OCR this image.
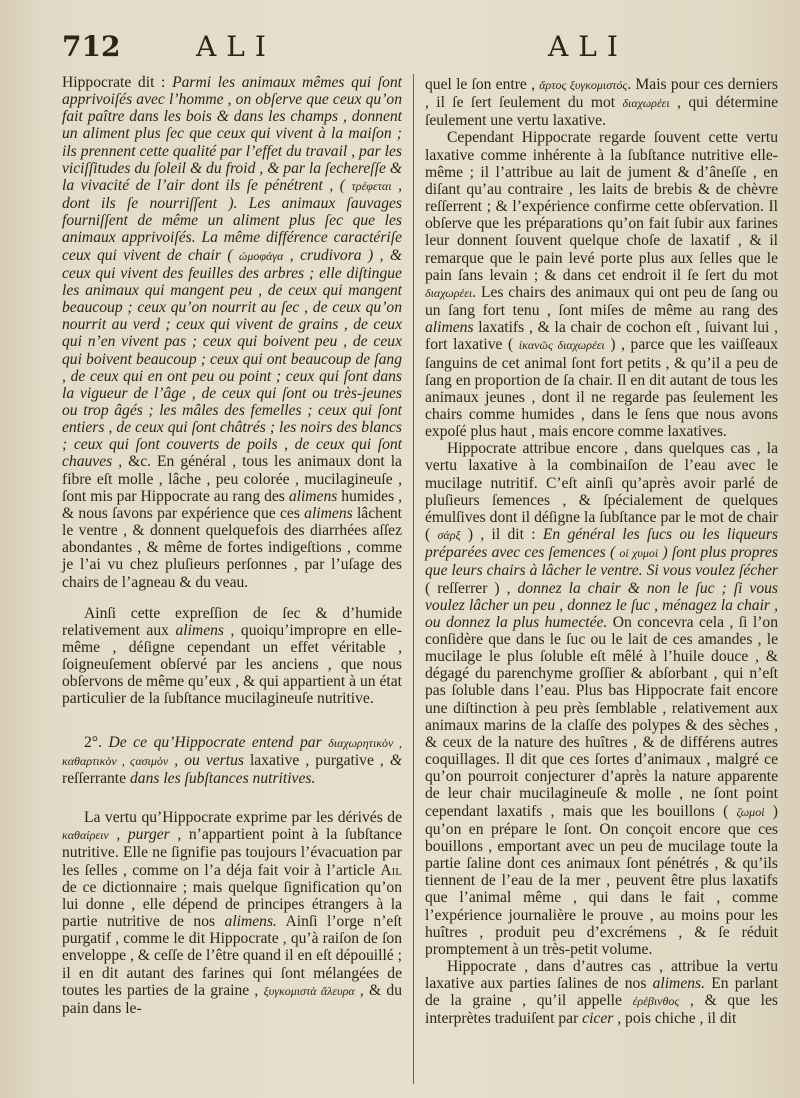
712	ALI	ALI

Hippocrate dit : Parmi les animaux mêmes qui ſont apprivoiſés avec l’homme , on obſerve que ceux qu’on fait paître dans les bois & dans les champs , donnent un aliment plus ſec que ceux qui vivent à la maiſon ; ils prennent cette qualité par l’effet du travail , par les viciſſitudes du ſoleil & du froid , & par la ſechereſſe & la vivacité de l’air dont ils ſe pénétrent , ( τρέφεται , dont ils ſe nourriſſent ). Les animaux ſauvages fourniſſent de même un aliment plus ſec que les animaux apprivoiſés. La même différence caractériſe ceux qui vivent de chair ( ὠμοφάγα , crudivora ) , & ceux qui vivent des feuilles des arbres ; elle diſtingue les animaux qui mangent peu , de ceux qui mangent beaucoup ; ceux qu’on nourrit au ſec , de ceux qu’on nourrit au verd ; ceux qui vivent de grains , de ceux qui n’en vivent pas ; ceux qui boivent peu , de ceux qui boivent beaucoup ; ceux qui ont beaucoup de ſang , de ceux qui en ont peu ou point ; ceux qui ſont dans la vigueur de l’âge , de ceux qui ſont ou très-jeunes ou trop âgés ; les mâles des femelles ; ceux qui ſont entiers , de ceux qui ſont châtrés ; les noirs des blancs ; ceux qui ſont couverts de poils , de ceux qui ſont chauves , &c. En général , tous les animaux dont la fibre eſt molle , lâche , peu colorée , mucilagineuſe , ſont mis par Hippocrate au rang des alimens humides , & nous ſavons par expérience que ces alimens lâchent le ventre , & donnent quelquefois des diarrhées aſſez abondantes , & même de fortes indigeſtions , comme je l’ai vu chez pluſieurs perſonnes , par l’uſage des chairs de l’agneau & du veau.

Ainſi cette expreſſion de ſec & d’humide relativement aux alimens , quoiqu’impropre en elle-même , déſigne cependant un effet véritable , ſoigneuſement obſervé par les anciens , que nous obſervons de même qu’eux , & qui appartient à un état particulier de la ſubſtance mucilagineuſe nutritive.

2°. De ce qu’Hippocrate entend par διαχωρητικὸν , καθαρτικὸν , ϛασιμὸν , ou vertus laxative , purgative , & reſſerrante dans les ſubſtances nutritives.

La vertu qu’Hippocrate exprime par les dérivés de καθαίρειν , purger , n’appartient point à la ſubſtance nutritive. Elle ne ſignifie pas toujours l’évacuation par les ſelles , comme on l’a déja fait voir à l’article Ail de ce dictionnaire ; mais quelque ſignification qu’on lui donne , elle dépend de principes étrangers à la partie nutritive de nos alimens. Ainſi l’orge n’eſt purgatif , comme le dit Hippocrate , qu’à raiſon de ſon enveloppe , & ceſſe de l’être quand il en eſt dépouillé ; il en dit autant des farines qui ſont mélangées de toutes les parties de la graine , ξυγκομιστὰ ἄλευρα , & du pain dans le-

quel le ſon entre , ἄρτος ξυγκομιστός. Mais pour ces derniers , il ſe ſert ſeulement du mot διαχωρέει , qui détermine ſeulement une vertu laxative.

Cependant Hippocrate regarde ſouvent cette vertu laxative comme inhérente à la ſubſtance nutritive elle-même ; il l’attribue au lait de jument & d’âneſſe , en diſant qu’au contraire , les laits de brebis & de chèvre reſſerrent ; & l’expérience confirme cette obſervation. Il obſerve que les préparations qu’on fait ſubir aux farines leur donnent ſouvent quelque choſe de laxatif , & il remarque que le pain levé porte plus aux ſelles que le pain ſans levain ; & dans cet endroit il ſe ſert du mot διαχωρέει. Les chairs des animaux qui ont peu de ſang ou un ſang fort tenu , ſont miſes de même au rang des alimens laxatifs , & la chair de cochon eſt , ſuivant lui , fort laxative ( ἱκανῶς διαχωρέει ) , parce que les vaiſſeaux ſanguins de cet animal ſont fort petits , & qu’il a peu de ſang en proportion de ſa chair. Il en dit autant de tous les animaux jeunes , dont il ne regarde pas ſeulement les chairs comme humides , dans le ſens que nous avons expoſé plus haut , mais encore comme laxatives.

Hippocrate attribue encore , dans quelques cas , la vertu laxative à la combinaiſon de l’eau avec le mucilage nutritif. C’eſt ainſi qu’après avoir parlé de pluſieurs ſemences , & ſpécialement de quelques émulſives dont il déſigne la ſubſtance par le mot de chair ( σάρξ ) , il dit : En général les ſucs ou les liqueurs préparées avec ces ſemences ( οἱ χυμοὶ ) ſont plus propres que leurs chairs à lâcher le ventre. Si vous voulez ſécher ( reſſerrer ) , donnez la chair & non le ſuc ; ſi vous voulez lâcher un peu , donnez le ſuc , ménagez la chair , ou donnez la plus humectée. On concevra cela , ſi l’on conſidère que dans le ſuc ou le lait de ces amandes , le mucilage le plus ſoluble eſt mêlé à l’huile douce , & dégagé du parenchyme groſſier & abſorbant , qui n’eſt pas ſoluble dans l’eau. Plus bas Hippocrate fait encore une diſtinction à peu près ſemblable , relativement aux animaux marins de la claſſe des polypes & des sèches , & ceux de la nature des huîtres , & de différens autres coquillages. Il dit que ces ſortes d’animaux , malgré ce qu’on pourroit conjecturer d’après la nature apparente de leur chair mucilagineuſe & molle , ne ſont point cependant laxatifs , mais que les bouillons ( ζωμοὶ ) qu’on en prépare le ſont. On conçoit encore que ces bouillons , emportant avec un peu de mucilage toute la partie ſaline dont ces animaux ſont pénétrés , & qu’ils tiennent de l’eau de la mer , peuvent être plus laxatifs que l’animal même , qui dans le fait , comme l’expérience journalière le prouve , au moins pour les huîtres , produit peu d’excrémens , & ſe réduit promptement à un très-petit volume.

Hippocrate , dans d’autres cas , attribue la vertu laxative aux parties ſalines de nos alimens. En parlant de la graine , qu’il appelle ἐρέβινθος , & que les interprètes traduiſent par cicer , pois chiche , il dit
